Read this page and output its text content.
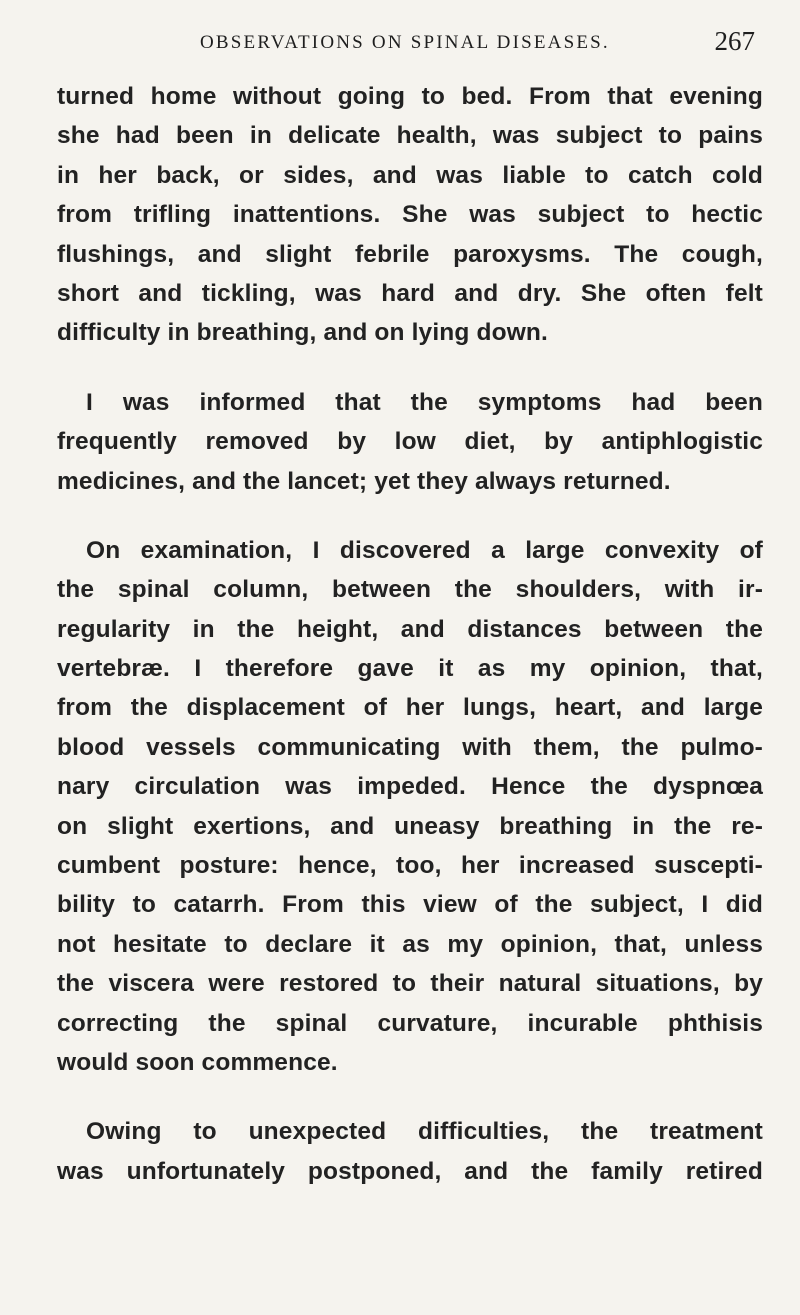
OBSERVATIONS ON SPINAL DISEASES.	267
turned home without going to bed. From that evening
she had been in delicate health, was subject to pains
in her back, or sides, and was liable to catch cold
from trifling inattentions. She was subject to hectic
flushings, and slight febrile paroxysms. The cough,
short and tickling, was hard and dry. She often felt
difficulty in breathing, and on lying down.
I was informed that the symptoms had been
frequently removed by low diet, by antiphlogistic
medicines, and the lancet; yet they always returned.
On examination, I discovered a large convexity of
the spinal column, between the shoulders, with ir-
regularity in the height, and distances between the
vertebræ. I therefore gave it as my opinion, that,
from the displacement of her lungs, heart, and large
blood vessels communicating with them, the pulmo-
nary circulation was impeded. Hence the dyspnœa
on slight exertions, and uneasy breathing in the re-
cumbent posture: hence, too, her increased suscepti-
bility to catarrh. From this view of the subject, I did
not hesitate to declare it as my opinion, that, unless
the viscera were restored to their natural situations, by
correcting the spinal curvature, incurable phthisis
would soon commence.
Owing to unexpected difficulties, the treatment
was unfortunately postponed, and the family retired
